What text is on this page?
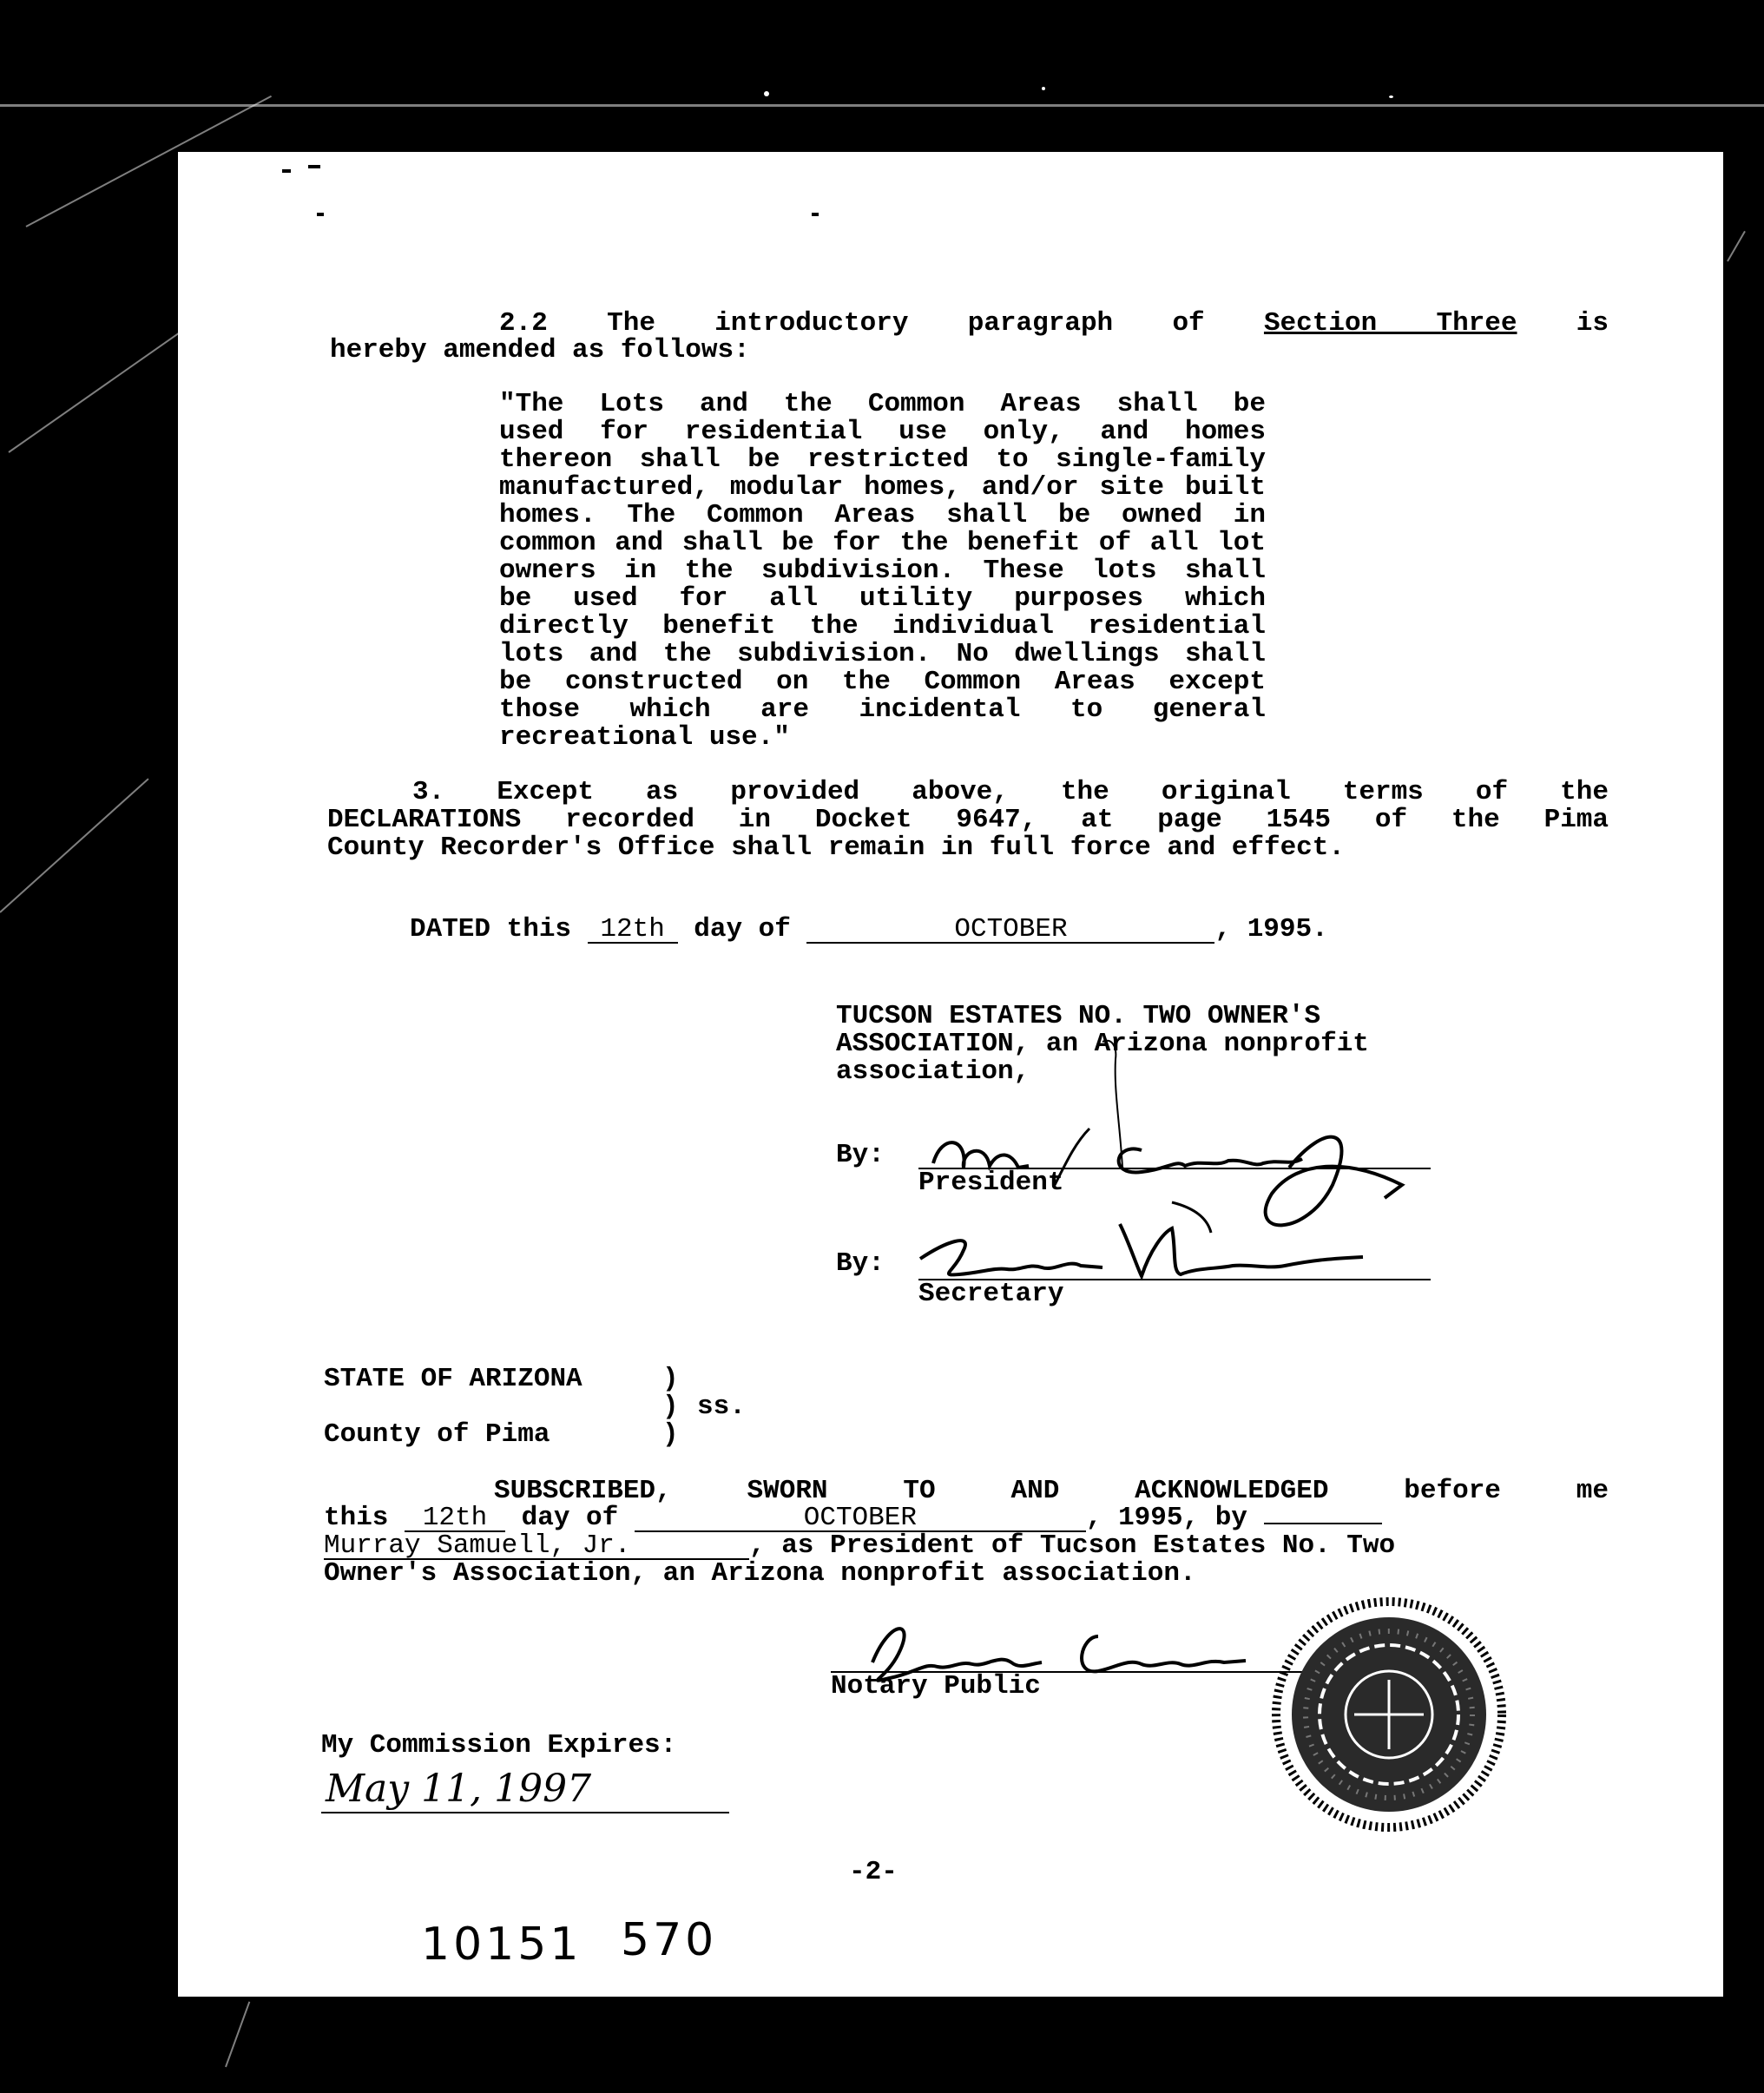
2.2 The introductory paragraph of Section Three is
hereby amended as follows:
"The Lots and the Common Areas shall be
used for residential use only, and homes
thereon shall be restricted to single-family
manufactured, modular homes, and/or site built
homes. The Common Areas shall be owned in
common and shall be for the benefit of all lot
owners in the subdivision. These lots shall
be used for all utility purposes which
directly benefit the individual residential
lots and the subdivision. No dwellings shall
be constructed on the Common Areas except
those which are incidental to general
recreational use."
3. Except as provided above, the original terms of the
DECLARATIONS recorded in Docket 9647, at page 1545 of the Pima
County Recorder's Office shall remain in full force and effect.
DATED this 12th day of	OCTOBER	, 1995.
TUCSON ESTATES NO. TWO OWNER'S
ASSOCIATION, an Arizona nonprofit
association,
By:
President
By:
Secretary
STATE OF ARIZONA	)
) ss.
County of Pima	)
SUBSCRIBED, SWORN TO AND ACKNOWLEDGED before me
this 12th day of	OCTOBER	, 1995, by
Murray Samuell, Jr.	, as President of Tucson Estates No. Two
Owner's Association, an Arizona nonprofit association.
Notary Public
My Commission Expires:
May 11, 1997
-2-
10151 570
